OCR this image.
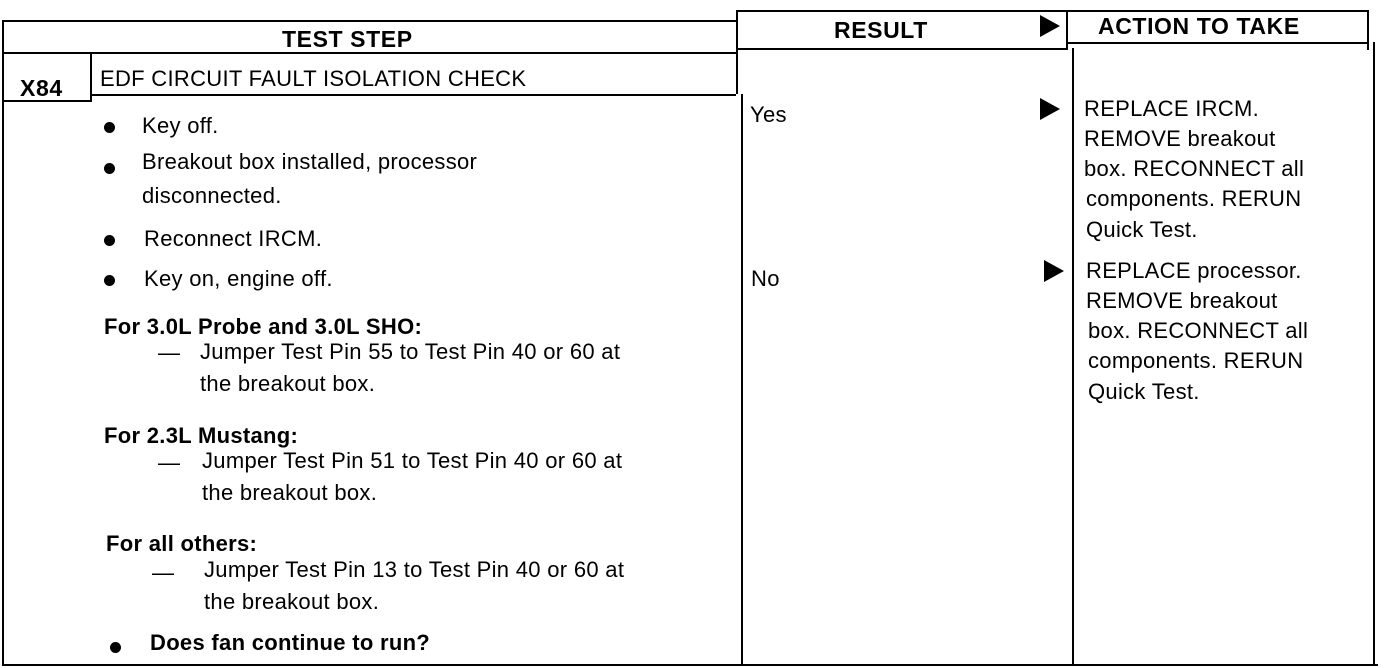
TEST STEP	RESULT	ACTION TO TAKE
X84 EDF CIRCUIT FAULT ISOLATION CHECK
Key off.
Breakout box installed, processor
disconnected.
Reconnect IRCM.
Key on, engine off.
For 3.0L Probe and 3.0L SHO:
— Jumper Test Pin 55 to Test Pin 40 or 60 at
the breakout box.
For 2.3L Mustang:
— Jumper Test Pin 51 to Test Pin 40 or 60 at
the breakout box.
For all others:
— Jumper Test Pin 13 to Test Pin 40 or 60 at
the breakout box.
Does fan continue to run?
Yes
No
REPLACE IRCM.
REMOVE breakout
box. RECONNECT all
components. RERUN
Quick Test.
REPLACE processor.
REMOVE breakout
box. RECONNECT all
components. RERUN
Quick Test.
